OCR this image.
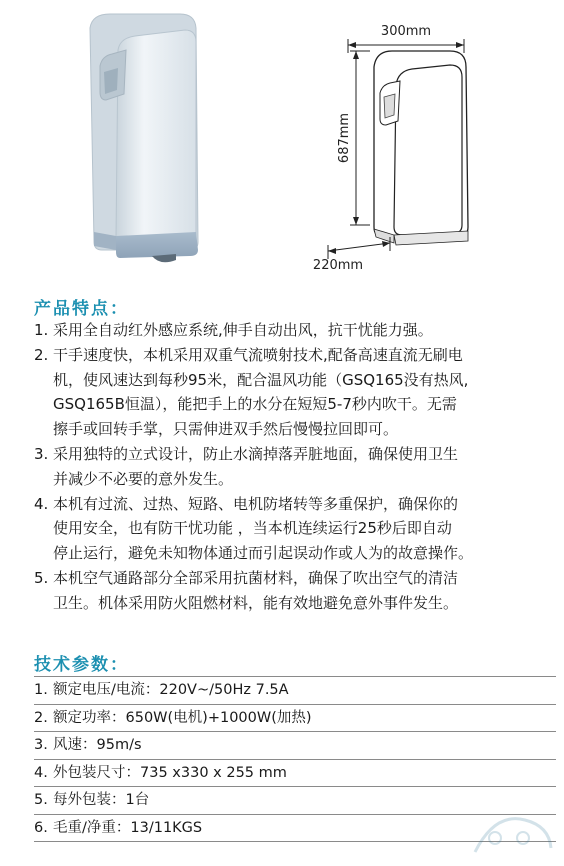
300mm
687mm
220mm
产品特点：
1. 采用全自动红外感应系统,伸手自动出风，抗干忧能力强。
2. 干手速度快，本机采用双重气流喷射技术,配备高速直流无刷电
机，使风速达到每秒95米，配合温风功能（GSQ165没有热风,
GSQ165B恒温），能把手上的水分在短短5-7秒内吹干。无需
擦手或回转手掌，只需伸进双手然后慢慢拉回即可。
3. 采用独特的立式设计，防止水滴掉落弄脏地面，确保使用卫生
并减少不必要的意外发生。
4. 本机有过流、过热、短路、电机防堵转等多重保护，确保你的
使用安全，也有防干忧功能 ，当本机连续运行25秒后即自动
停止运行，避免未知物体通过而引起误动作或人为的故意操作。
5. 本机空气通路部分全部采用抗菌材料，确保了吹出空气的清洁
卫生。机体采用防火阻燃材料，能有效地避免意外事件发生。
技术参数：
1. 额定电压/电流：220V~/50Hz 7.5A
2. 额定功率：650W(电机)+1000W(加热)
3. 风速：95m/s
4. 外包装尺寸：735 x330 x 255 mm
5. 每外包装：1台
6. 毛重/净重：13/11KGS
